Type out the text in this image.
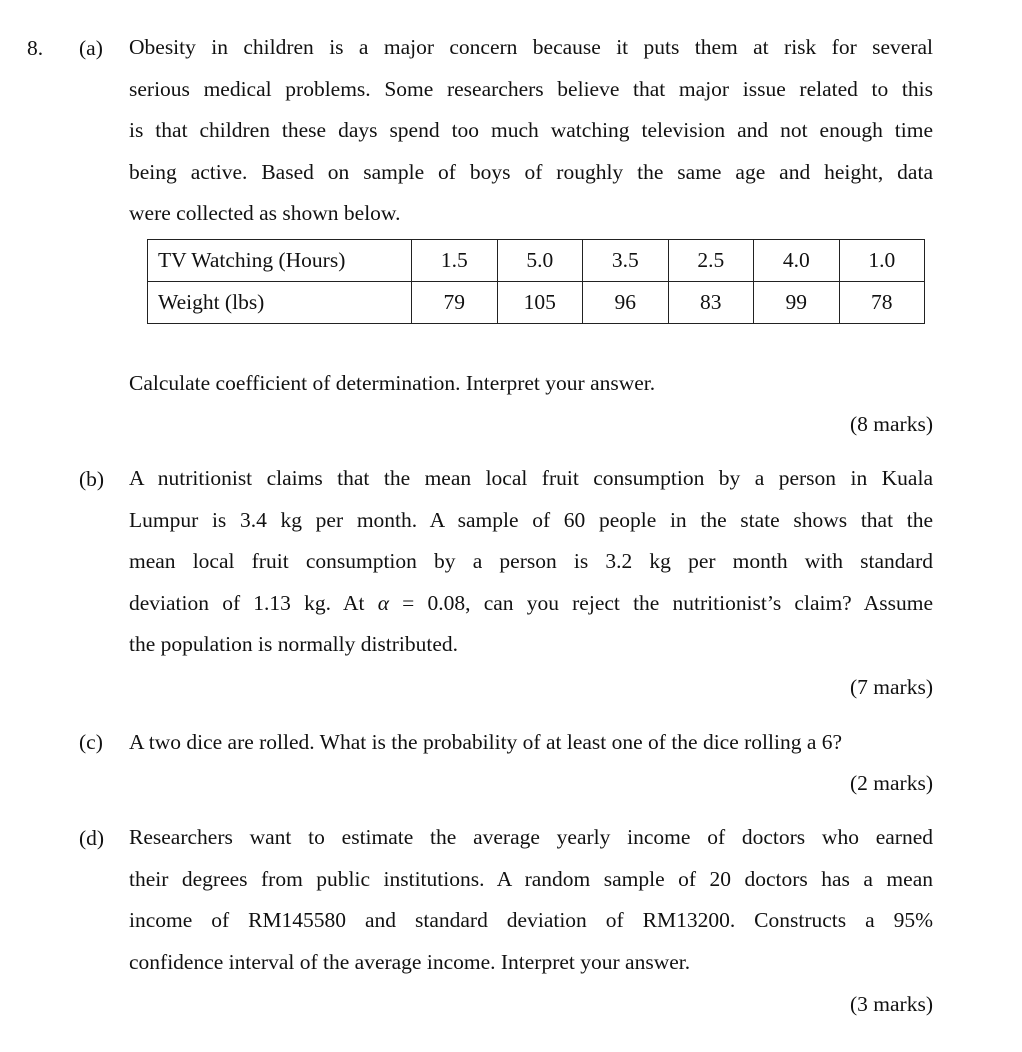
8. (a) Obesity in children is a major concern because it puts them at risk for several
serious medical problems. Some researchers believe that major issue related to this
is that children these days spend too much watching television and not enough time
being active. Based on sample of boys of roughly the same age and height, data
were collected as shown below.
TV Watching (Hours)	1.5	5.0	3.5	2.5	4.0	1.0
Weight (lbs)	79	105	96	83	99	78
Calculate coefficient of determination. Interpret your answer.
(8 marks)
(b) A nutritionist claims that the mean local fruit consumption by a person in Kuala
Lumpur is 3.4 kg per month. A sample of 60 people in the state shows that the
mean local fruit consumption by a person is 3.2 kg per month with standard
deviation of 1.13 kg. At α = 0.08, can you reject the nutritionist’s claim? Assume
the population is normally distributed.
(7 marks)
(c) A two dice are rolled. What is the probability of at least one of the dice rolling a 6?
(2 marks)
(d) Researchers want to estimate the average yearly income of doctors who earned
their degrees from public institutions. A random sample of 20 doctors has a mean
income of RM145580 and standard deviation of RM13200. Constructs a 95%
confidence interval of the average income. Interpret your answer.
(3 marks)
